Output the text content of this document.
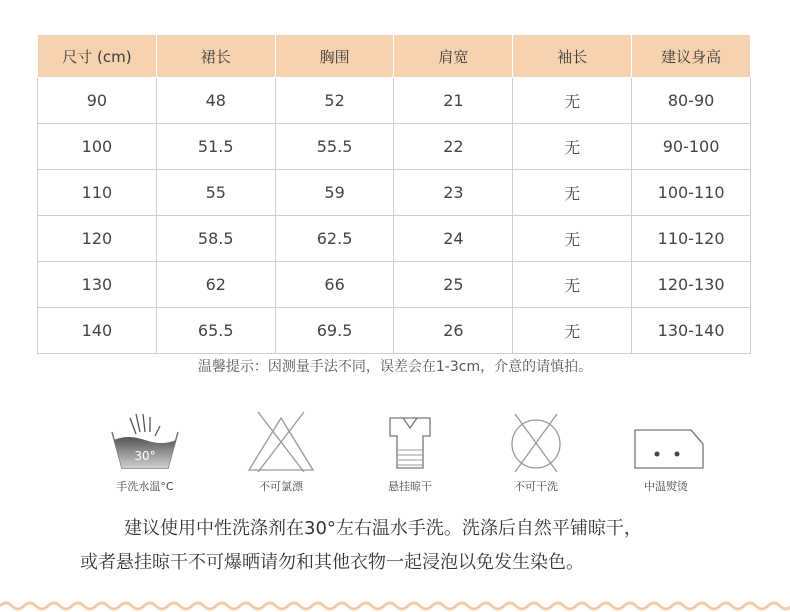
尺寸 (cm)	裙长	胸围	肩宽	袖长	建议身高
90	48	52	21	无	80-90
100	51.5	55.5	22	无	90-100
110	55	59	23	无	100-110
120	58.5	62.5	24	无	110-120
130	62	66	25	无	120-130
140	65.5	69.5	26	无	130-140
温馨提示：因测量手法不同，误差会在1-3cm，介意的请慎拍。
30°
手洗水温°C	不可氯漂	悬挂晾干	不可干洗	中温熨烫

建议使用中性洗涤剂在30°左右温水手洗。洗涤后自然平铺晾干，

或者悬挂晾干不可爆晒请勿和其他衣物一起浸泡以免发生染色。
